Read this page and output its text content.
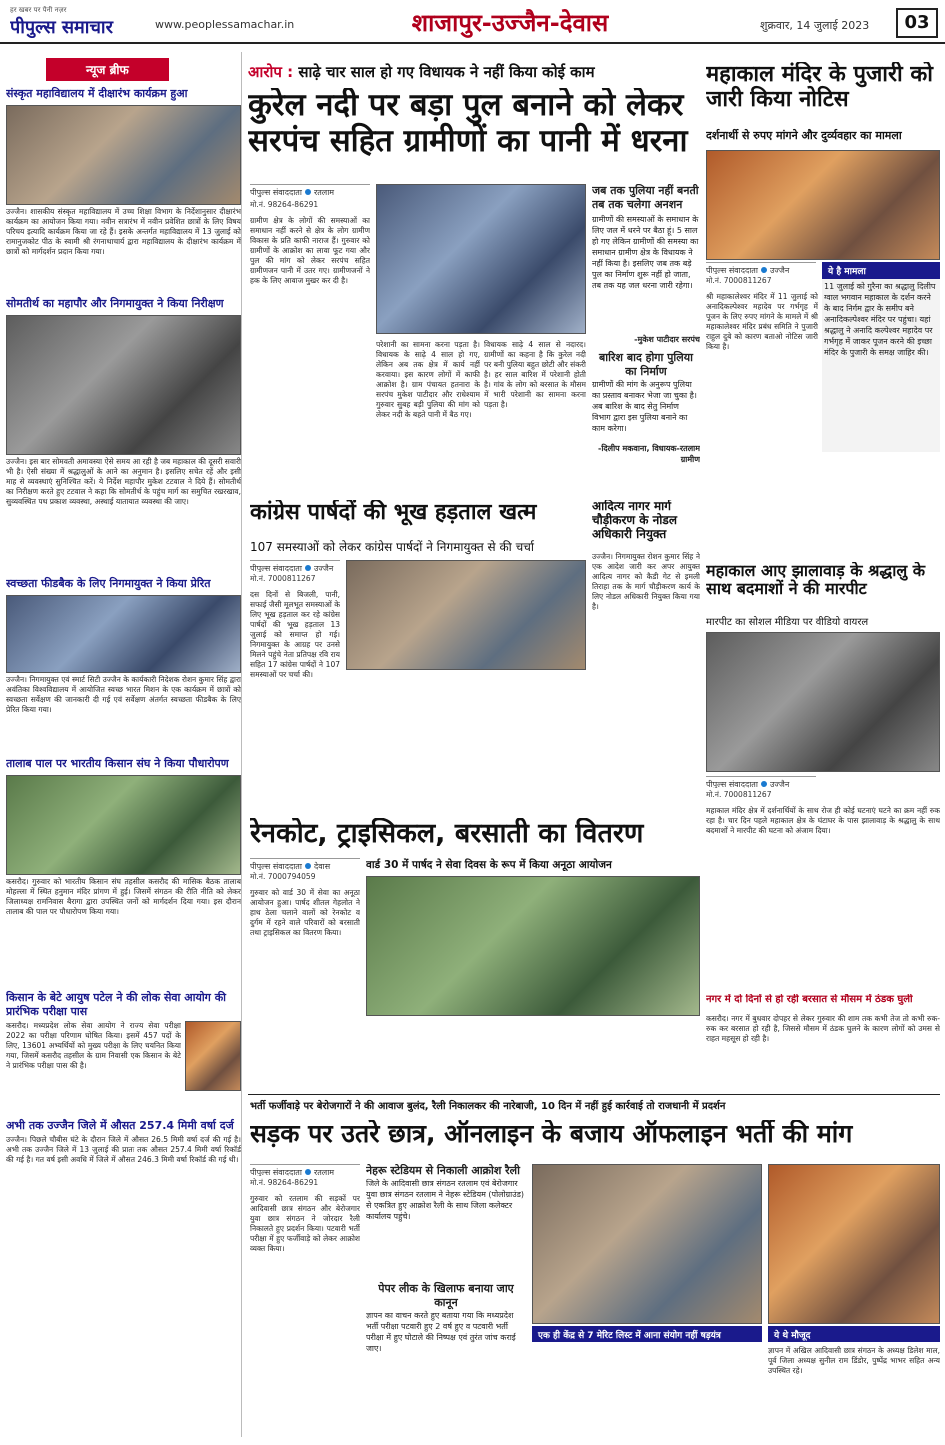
हर खबर पर पैनी नज़र
पीपुल्स समाचार	www.peoplessamachar.in	शाजापुर-उज्जैन-देवास	शुक्रवार, 14 जुलाई 2023	03
न्यूज ब्रीफ
संस्कृत महाविद्यालय में दीक्षारंभ कार्यक्रम हुआ
उज्जैन। शासकीय संस्कृत महाविद्यालय में उच्च शिक्षा विभाग के निर्देशानुसार दीक्षारंभ कार्यक्रम का आयोजन किया गया। नवीन सत्रारंभ में नवीन प्रवेशित छात्रों के लिए विषय परिचय इत्यादि कार्यक्रम किया जा रहे हैं। इसके अन्तर्गत महाविद्यालय में 13 जुलाई को रामानुजकोट पीठ के स्वामी श्री रंगनाथाचार्य द्वारा महाविद्यालय के दीक्षारंभ कार्यक्रम में छात्रों को मार्गदर्शन प्रदान किया गया।
सोमतीर्थ का महापौर और निगमायुक्त ने किया निरीक्षण
उज्जैन। इस बार सोमवती अमावस्या ऐसे समय आ रही है जब महाकाल की दूसरी सवारी भी है। ऐसी संख्या में श्रद्धालुओं के आने का अनुमान है। इसलिए सचेत रहें और इसी माह से व्यवस्थाएं सुनिश्चित करें। ये निर्देश महापौर मुकेश टटवाल ने दिये हैं। सोमतीर्थ का निरीक्षण करते हुए टटवाल ने कहा कि सोमतीर्थ के पहुंच मार्ग का समुचित रखरखाव, सुव्यवस्थित पथ प्रकाश व्यवस्था, अस्थाई यातायात व्यवस्था की जाए।
स्वच्छता फीडबैक के लिए निगमायुक्त ने किया प्रेरित
उज्जैन। निगमायुक्त एवं स्मार्ट सिटी उज्जैन के कार्यकारी निदेशक रोशन कुमार सिंह द्वारा अवंतिका विश्वविद्यालय में आयोजित स्वच्छ भारत मिशन के एक कार्यक्रम में छात्रों को स्वच्छता सर्वेक्षण की जानकारी दी गई एवं सर्वेक्षण अंतर्गत स्वच्छता फीडबैक के लिए प्रेरित किया गया।
तालाब पाल पर भारतीय किसान संघ ने किया पौधारोपण
कसरौद। गुरुवार को भारतीय किसान संघ तहसील कसरौद की मासिक बैठक तालाब मोहल्ला में स्थित हनुमान मंदिर प्रांगण में हुई। जिसमें संगठन की रीति नीति को लेकर जिलाध्यक्ष रामनिवास बैरागा द्वारा उपस्थित जनों को मार्गदर्शन दिया गया। इस दौरान तालाब की पाल पर पौधारोपण किया गया।
किसान के बेटे आयुष पटेल ने की लोक सेवा आयोग की प्रारंभिक परीक्षा पास
कसरौद। मध्यप्रदेश लोक सेवा आयोग ने राज्य सेवा परीक्षा 2022 का परीक्षा परिणाम घोषित किया। इसमें 457 पदों के लिए, 13601 अभ्यर्थियों को मुख्य परीक्षा के लिए चयनित किया गया, जिसमें कसरौद तहसील के ग्राम निवासी एक किसान के बेटे ने प्रारंभिक परीक्षा पास की है।
अभी तक उज्जैन जिले में औसत 257.4 मिमी वर्षा दर्ज
उज्जैन। पिछले चौबीस घंटे के दौरान जिले में औसत 26.5 मिमी वर्षा दर्ज की गई है। अभी तक उज्जैन जिले में 13 जुलाई की प्रातः तक औसत 257.4 मिमी वर्षा रिकॉर्ड की गई है। गत वर्ष इसी अवधि में जिले में औसत 246.3 मिमी वर्षा रिकॉर्ड की गई थी।
आरोप : साढ़े चार साल हो गए विधायक ने नहीं किया कोई काम
कुरेल नदी पर बड़ा पुल बनाने को लेकर सरपंच सहित ग्रामीणों का पानी में धरना
पीपुल्स संवाददाता रतलाम
मो.नं. 98264-86291
ग्रामीण क्षेत्र के लोगों की समस्याओं का समाधान नहीं करने से क्षेत्र के लोग ग्रामीण विकास के प्रति काफी नाराज हैं। गुरुवार को ग्रामीणों के आक्रोश का लावा फूट गया और पुल की मांग को लेकर सरपंच सहित ग्रामीणजन पानी में उतर गए। ग्रामीणजनों ने हक के लिए आवाज मुखर कर दी है।
परेशानी का सामना करना पड़ता है। विधायक के साढ़े 4 साल हो गए, लेकिन अब तक क्षेत्र में कार्य नहीं करवाया। इस कारण लोगों में काफी आक्रोश है। ग्राम पंचायत हतनारा के सरपंच मुकेश पाटीदार और राधेश्याम गुरुवार सुबह बड़ी पुलिया की मांग को लेकर नदी के बहते पानी में बैठ गए।
विधायक साढ़े 4 साल से नदारद। ग्रामीणों का कहना है कि कुरेल नदी पर बनी पुलिया बहुत छोटी और संकरी है। हर साल बारिश में परेशानी होती है। गांव के लोग को बरसात के मौसम में भारी परेशानी का सामना करना पड़ता है।
जब तक पुलिया नहीं बनती तब तक चलेगा अनशन
ग्रामीणों की समस्याओं के समाधान के लिए जल में धरने पर बैठा हूं। 5 साल हो गए लेकिन ग्रामीणों की समस्या का समाधान ग्रामीण क्षेत्र के विधायक ने नहीं किया है। इसलिए जब तक बड़े पुल का निर्माण शुरू नहीं हो जाता, तब तक यह जल धरना जारी रहेगा।
-मुकेश पाटीदार सरपंच
बारिश बाद होगा पुलिया का निर्माण
ग्रामीणों की मांग के अनुरूप पुलिया का प्रस्ताव बनाकर भेजा जा चुका है। अब बारिश के बाद सेतु निर्माण विभाग द्वारा इस पुलिया बनाने का काम करेगा।
-दिलीप मकवाना, विधायक-रतलाम ग्रामीण
महाकाल मंदिर के पुजारी को जारी किया नोटिस
दर्शनार्थी से रुपए मांगने और दुर्व्यवहार का मामला
पीपुल्स संवाददाता उज्जैन
मो.नं. 7000811267
ये है मामला
11 जुलाई को गुरैना का श्रद्धालु दिलीप ग्वाल भगवान महाकाल के दर्शन करने के बाद निर्गम द्वार के समीप बने अनादिकल्पेश्वर मंदिर पर पहुंचा। यहां श्रद्धालु ने अनादि कल्पेश्वर महादेव पर गर्भगृह में जाकर पूजन करने की इच्छा मंदिर के पुजारी के समक्ष जाहिर की।
श्री महाकालेश्वर मंदिर में 11 जुलाई को अनादिकल्पेश्वर महादेव पर गर्भगृह में पूजन के लिए रुपए मांगने के मामले में श्री महाकालेश्वर मंदिर प्रबंध समिति ने पुजारी राहुल दुबे को कारण बताओ नोटिस जारी किया है।
महाकाल आए झालावाड़ के श्रद्धालु के साथ बदमाशों ने की मारपीट
मारपीट का सोशल मीडिया पर वीडियो वायरल
पीपुल्स संवाददाता उज्जैन
मो.नं. 7000811267
महाकाल मंदिर क्षेत्र में दर्शनार्थियों के साथ रोज ही कोई घटनाएं घटने का क्रम नहीं रुक रहा है। चार दिन पहले महाकाल क्षेत्र के घंटाघर के पास झालावाड़ के श्रद्धालु के साथ बदमाशों ने मारपीट की घटना को अंजाम दिया।
कांग्रेस पार्षदों की भूख हड़ताल खत्म
107 समस्याओं को लेकर कांग्रेस पार्षदों ने निगमायुक्त से की चर्चा
पीपुल्स संवाददाता उज्जैन
मो.नं. 7000811267
दस दिनों से बिजली, पानी, सफाई जैसी मूलभूत समस्याओं के लिए भूख हड़ताल कर रहे कांग्रेस पार्षदों की भूख हड़ताल 13 जुलाई को समाप्त हो गई। निगमायुक्त के आग्रह पर उनसे मिलने पहुंचे नेता प्रतिपक्ष रवि राय सहित 17 कांग्रेस पार्षदों ने 107 समस्याओं पर चर्चा की।
आदित्य नागर मार्ग चौड़ीकरण के नोडल अधिकारी नियुक्त
उज्जैन। निगमायुक्त रोशन कुमार सिंह ने एक आदेश जारी कर अपर आयुक्त आदित्य नागर को कैडी गेट से इमली तिराहा तक के मार्ग चौड़ीकरण कार्य के लिए नोडल अधिकारी नियुक्त किया गया है।
रेनकोट, ट्राइसिकल, बरसाती का वितरण
पीपुल्स संवाददाता देवास
मो.नं. 7000794059
गुरुवार को वार्ड 30 में सेवा का अनूठा आयोजन हुआ। पार्षद शीतल गेहलोत ने हाथ ठेला चलाने वालों को रेनकोट व दुर्गम में रहने वाले परिवारों को बरसाती तथा ट्राइसिकल का वितरण किया।
वार्ड 30 में पार्षद ने सेवा दिवस के रूप में किया अनूठा आयोजन
नगर में दो दिनों से हो रही बरसात से मौसम में ठंडक घुली
कसरौद। नगर में बुधवार दोपहर से लेकर गुरुवार की शाम तक कभी तेज तो कभी रुक-रुक कर बरसात हो रही है, जिससे मौसम में ठंडक घुलने के कारण लोगों को उमस से राहत महसूस हो रही है।
भर्ती फर्जीवाड़े पर बेरोजगारों ने की आवाज बुलंद, रैली निकालकर की नारेबाजी, 10 दिन में नहीं हुई कार्रवाई तो राजधानी में प्रदर्शन
सड़क पर उतरे छात्र, ऑनलाइन के बजाय ऑफलाइन भर्ती की मांग
पीपुल्स संवाददाता रतलाम
मो.नं. 98264-86291
गुरुवार को रतलाम की सड़कों पर आदिवासी छात्र संगठन और बेरोजगार युवा छात्र संगठन ने जोरदार रैली निकालते हुए प्रदर्शन किया। पटवारी भर्ती परीक्षा में हुए फर्जीवाड़े को लेकर आक्रोश व्यक्त किया।
नेहरू स्टेडियम से निकाली आक्रोश रैली
जिले के आदिवासी छात्र संगठन रतलाम एवं बेरोजगार युवा छात्र संगठन रतलाम ने नेहरू स्टेडियम (पोलोग्राउंड) से एकत्रित हुए आक्रोश रैली के साथ जिला कलेक्टर कार्यालय पहुंचे।
पेपर लीक के खिलाफ बनाया जाए कानून
ज्ञापन का वाचन करते हुए बताया गया कि मध्यप्रदेश भर्ती परीक्षा पटवारी हुए 2 वर्ष हुए व पटवारी भर्ती परीक्षा में हुए घोटाले की निष्पक्ष एवं तुरंत जांच कराई जाए।
एक ही केंद्र से 7 मेरिट लिस्ट में आना संयोग नहीं षड़यंत्र	ये थे मौजूद
ज्ञापन में अखिल आदिवासी छात्र संगठन के अध्यक्ष डिलेश माल, पूर्व जिला अध्यक्ष सुनील राम डिंडोर, पुष्पेंद्र भाभर सहित अन्य उपस्थित रहे।
